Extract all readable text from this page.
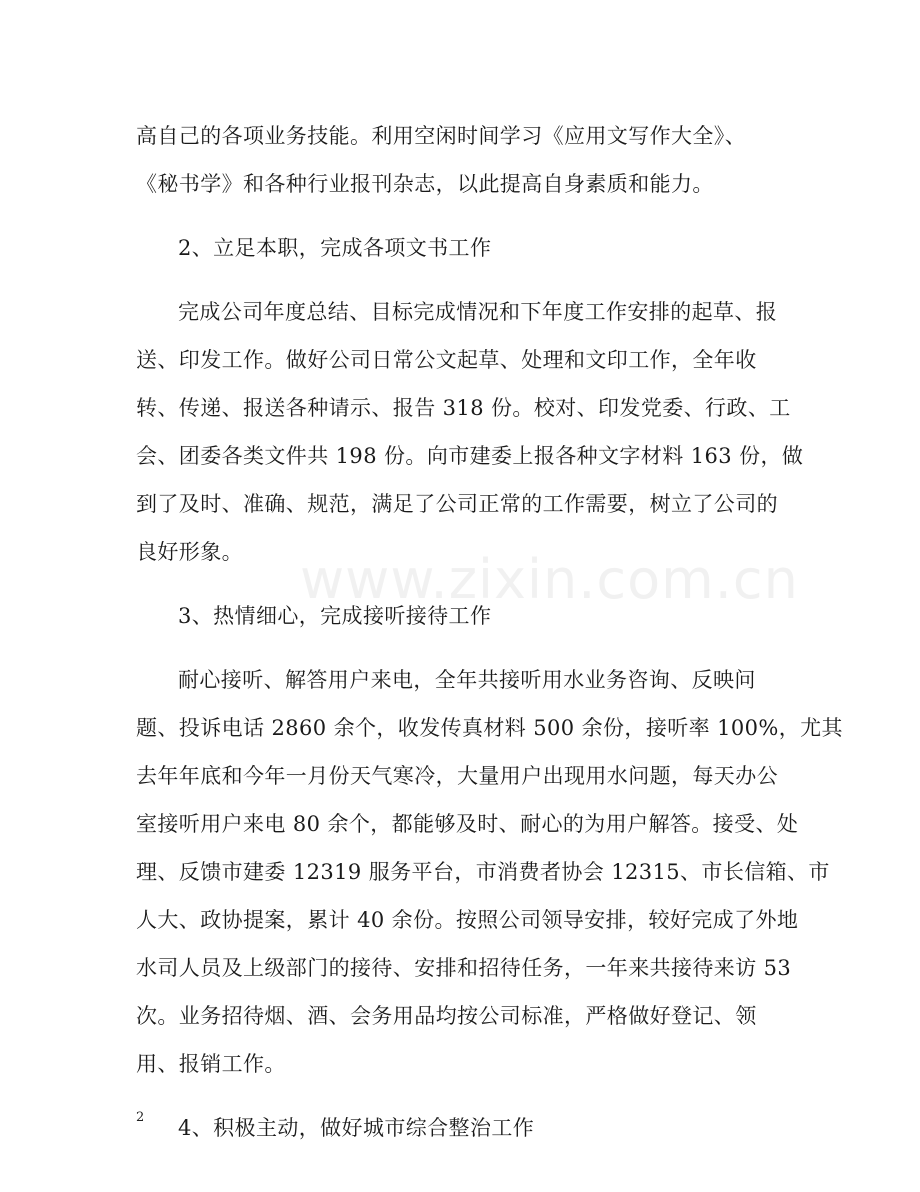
www.zixin.com.cn
高自己的各项业务技能。利用空闲时间学习《应用文写作大全》、
《秘书学》和各种行业报刊杂志，以此提高自身素质和能力。
2、立足本职，完成各项文书工作
完成公司年度总结、目标完成情况和下年度工作安排的起草、报
送、印发工作。做好公司日常公文起草、处理和文印工作，全年收
转、传递、报送各种请示、报告 318 份。校对、印发党委、行政、工
会、团委各类文件共 198 份。向市建委上报各种文字材料 163 份，做
到了及时、准确、规范，满足了公司正常的工作需要，树立了公司的
良好形象。
3、热情细心，完成接听接待工作
耐心接听、解答用户来电，全年共接听用水业务咨询、反映问
题、投诉电话 2860 余个，收发传真材料 500 余份，接听率 100%，尤其
去年年底和今年一月份天气寒冷，大量用户出现用水问题，每天办公
室接听用户来电 80 余个，都能够及时、耐心的为用户解答。接受、处
理、反馈市建委 12319 服务平台，市消费者协会 12315、市长信箱、市
人大、政协提案，累计 40 余份。按照公司领导安排，较好完成了外地
水司人员及上级部门的接待、安排和招待任务，一年来共接待来访 53
次。业务招待烟、酒、会务用品均按公司标准，严格做好登记、领
用、报销工作。
4、积极主动，做好城市综合整治工作
2
